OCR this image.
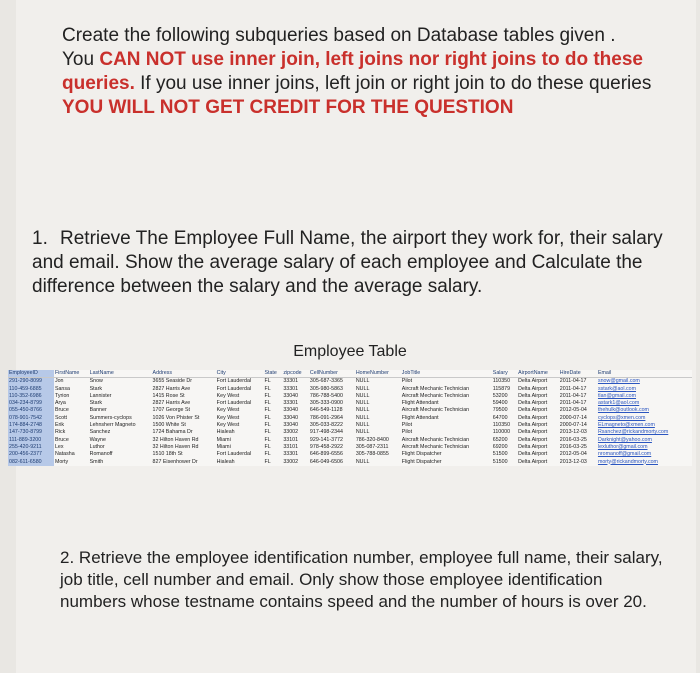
Create the following subqueries based on Database tables given .
You CAN NOT use inner join, left joins nor right joins to do these queries. If you use inner joins, left join or right join to do these queries YOU WILL NOT GET CREDIT FOR THE QUESTION

1. Retrieve The Employee Full Name, the airport they work for, their salary and email. Show the average salary of each employee and Calculate the difference between the salary and the average salary.

Employee Table

EmployeeID	FirstName	LastName	Address	City	State	zipcode	CellNumber	HomeNumber	JobTitle	Salary	AirportName	HireDate	Email
291-290-8099	Jon	Snow	3655 Seaside Dr	Fort Lauderdal	FL	33301	305-687-3365	NULL	Pilot	110350	Delta Airport	2011-04-17	snow@gmail.com
110-459-6885	Sansa	Stark	2827 Harris Ave	Fort Lauderdal	FL	33301	305-980-5863	NULL	Aircraft Mechanic Technician	115879	Delta Airport	2011-04-17	sstark@aol.com
110-352-6986	Tyrion	Lannister	1415 Rose St	Key West	FL	33040	786-788-5400	NULL	Aircraft Mechanic Technician	53200	Delta Airport	2011-04-17	tlan@gmail.com
034-234-8799	Arya	Stark	2827 Harris Ave	Fort Lauderdal	FL	33301	305-333-0900	NULL	Flight Attendant	59400	Delta Airport	2011-04-17	astark1@aol.com
055-450-8766	Bruce	Banner	1707 George St	Key West	FL	33040	646-549-1128	NULL	Aircraft Mechanic Technician	79500	Delta Airport	2012-05-04	thehulk@outlook.com
078-901-7542	Scott	Summers-cyclops	1026 Von Phister St	Key West	FL	33040	786-091-2964	NULL	Flight Attendant	64700	Delta Airport	2000-07-14	cyclops@xmen.com
174-884-2748	Erik	Lehnsherr Magneto	1500 White St	Key West	FL	33040	305-033-8222	NULL	Pilot	110350	Delta Airport	2000-07-14	ELmagneto@xmen.com
147-730-8799	Rick	Sanchez	1724 Bahama Dr	Hialeah	FL	33002	917-498-2344	NULL	Pilot	110000	Delta Airport	2013-12-03	Rsanchez@rickandmorty.com
111-889-3200	Bruce	Wayne	32 Hilton Haven Rd	Miami	FL	33101	929-141-3772	786-320-8400	Aircraft Mechanic Technician	65200	Delta Airport	2016-03-25	Darknight@yahoo.com
255-420-9211	Lex	Luthor	32 Hilton Haven Rd	Miami	FL	33101	978-458-2922	305-087-2311	Aircraft Mechanic Technician	69200	Delta Airport	2016-03-25	lexluthor@gmail.com
200-456-2377	Natasha	Romanoff	1510 18th St	Fort Lauderdal	FL	33301	646-899-6556	305-788-0855	Flight Dispatcher	51500	Delta Airport	2012-05-04	nromanoff@gmail.com
082-611-6580	Morty	Smith	827 Eisenhower Dr	Hialeah	FL	33002	646-049-6506	NULL	Flight Dispatcher	51500	Delta Airport	2013-12-03	morty@rickandmorty.com

2. Retrieve the employee identification number, employee full name, their salary, job title, cell number and email. Only show those employee identification numbers whose testname contains speed and the number of hours is over 20.
